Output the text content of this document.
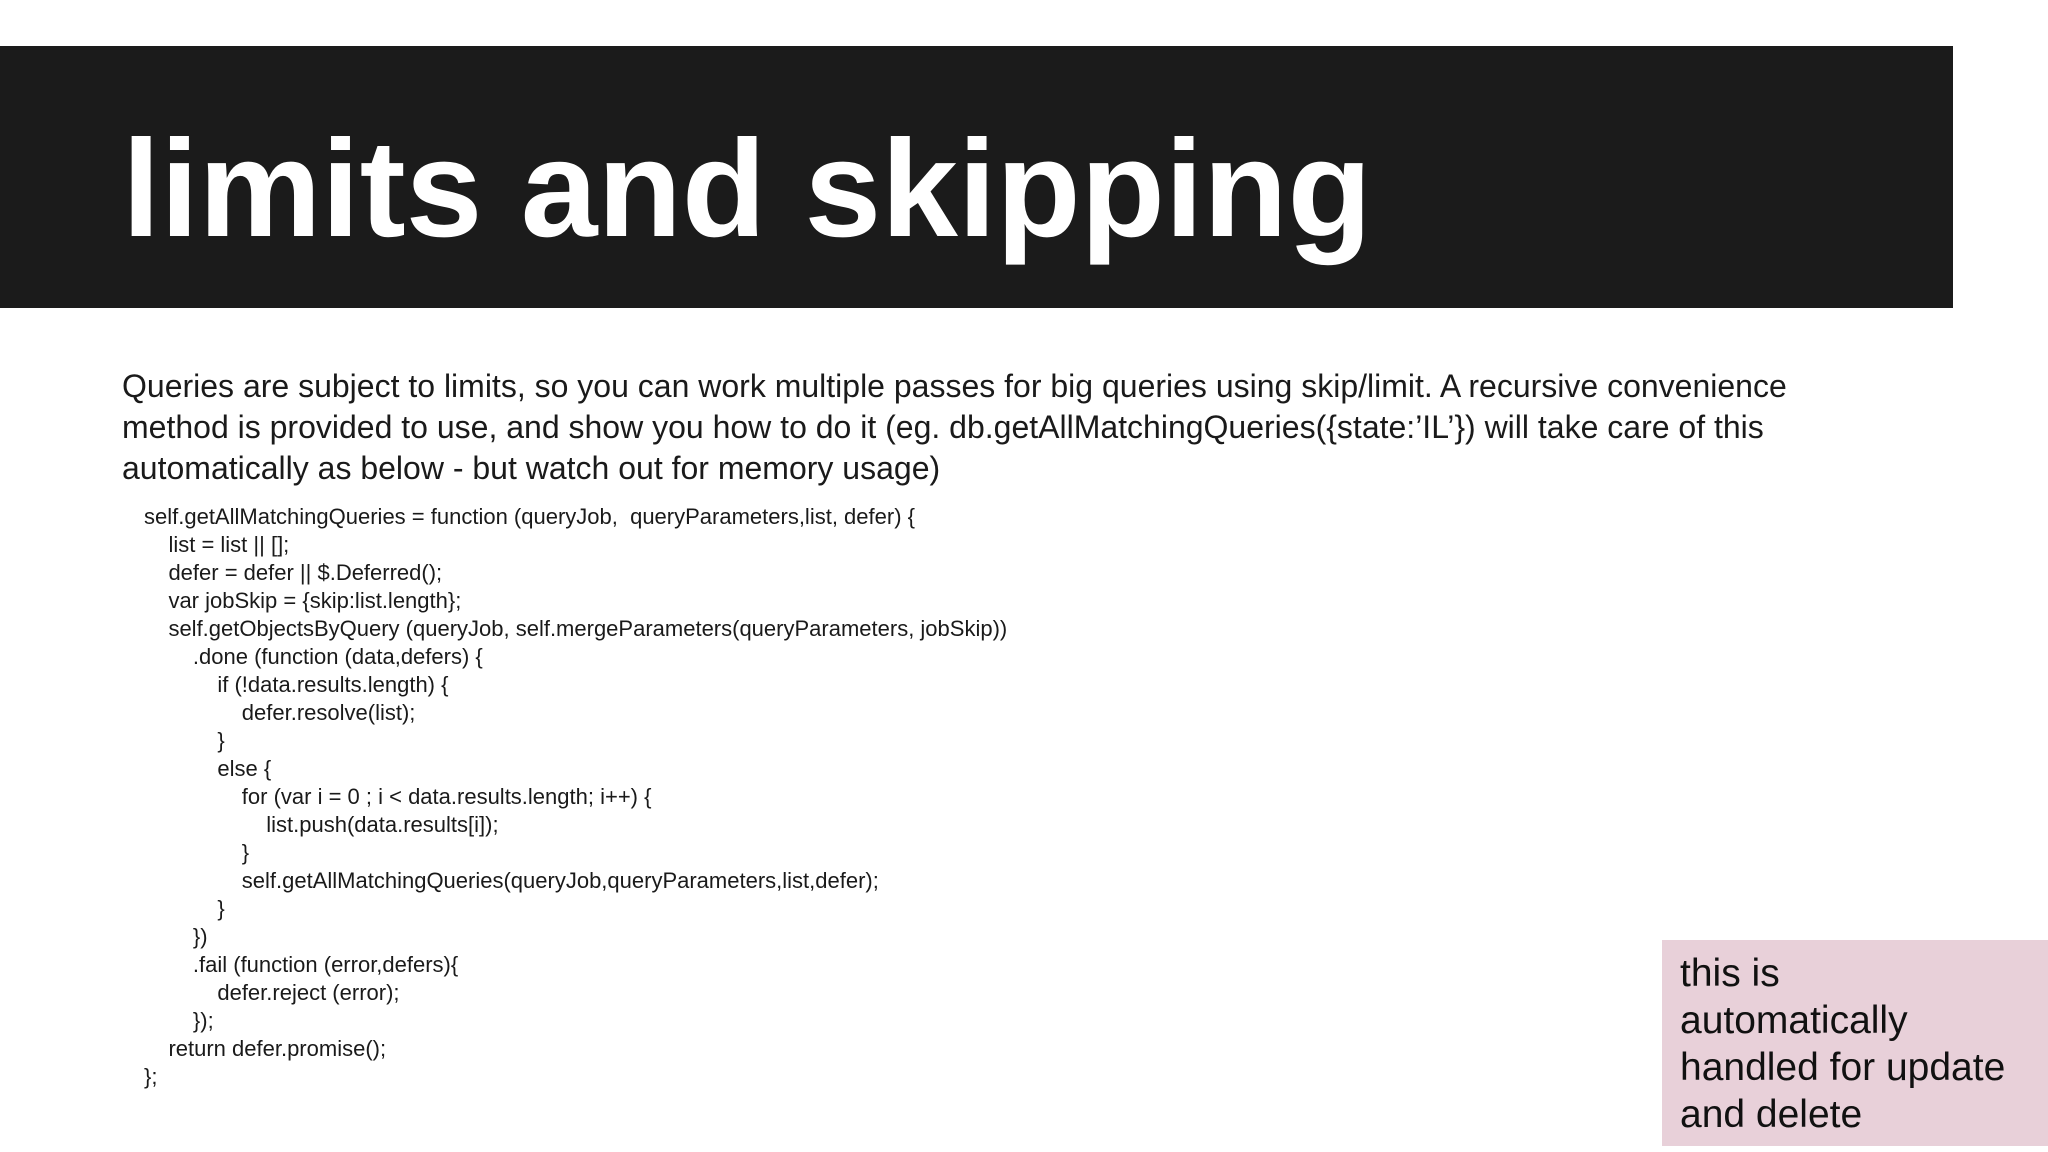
limits and skipping

Queries are subject to limits, so you can work multiple passes for big queries using skip/limit. A recursive convenience
method is provided to use, and show you how to do it (eg. db.getAllMatchingQueries({state:’IL’}) will take care of this
automatically as below - but watch out for memory usage)

self.getAllMatchingQueries = function (queryJob,  queryParameters,list, defer) {
list = list || [];
defer = defer || $.Deferred();
var jobSkip = {skip:list.length};
self.getObjectsByQuery (queryJob, self.mergeParameters(queryParameters, jobSkip))
.done (function (data,defers) {
if (!data.results.length) {
defer.resolve(list);
}
else {
for (var i = 0 ; i < data.results.length; i++) {
list.push(data.results[i]);
}
self.getAllMatchingQueries(queryJob,queryParameters,list,defer);
}
})
.fail (function (error,defers){
defer.reject (error);
});
return defer.promise();
};
this is
automatically
handled for update
and delete
